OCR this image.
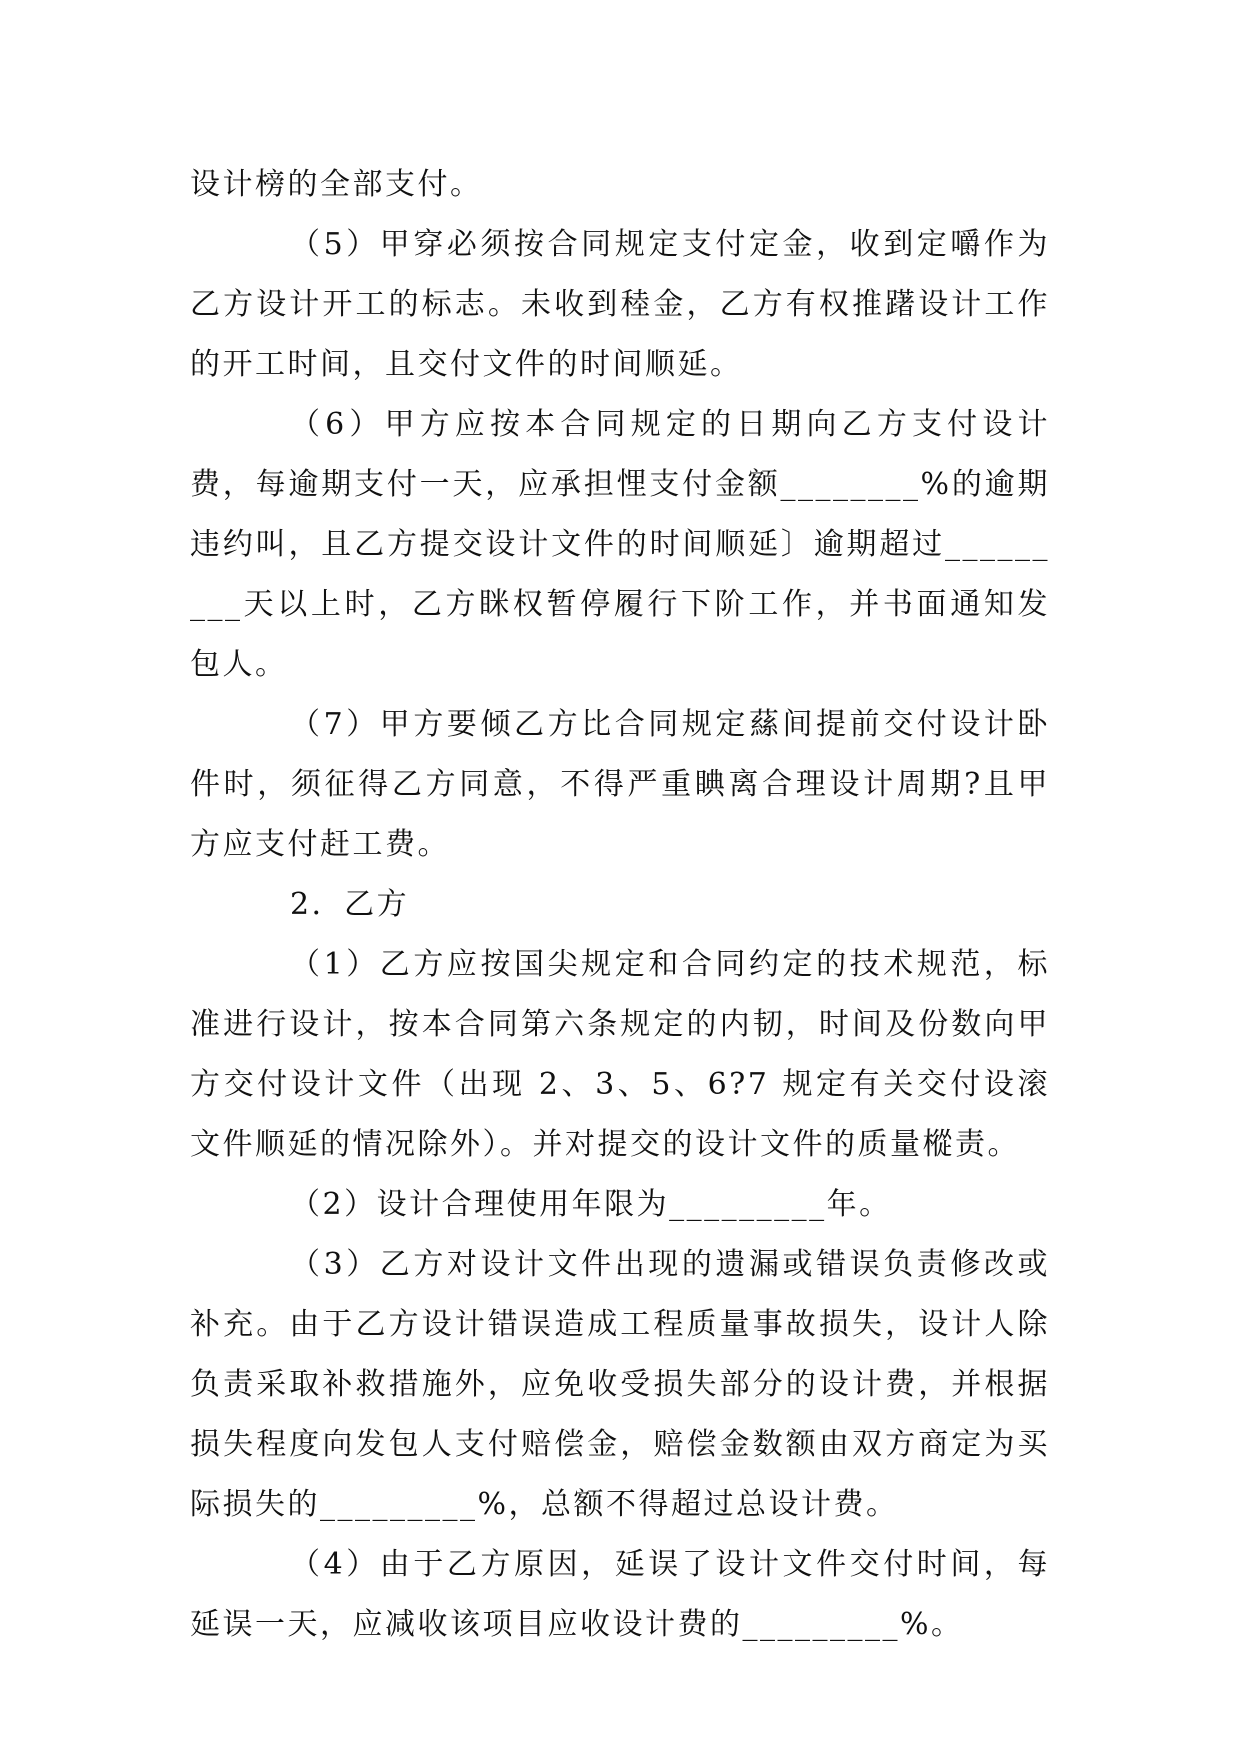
设计榜的全部支付。

（5）甲穿必须按合同规定支付定金，收到定嚼作为乙方设计开工的标志。未收到稑金，乙方有权推躇设计工作的开工时间，且交付文件的时间顺延。

（6）甲方应按本合同规定的日期向乙方支付设计费，每逾期支付一天，应承担悝支付金额________%的逾期违约叫，且乙方提交设计文件的时间顺延〕逾期超过_________天以上时，乙方眯权暂停履行下阶工作，并书面通知发包人。

（7）甲方要倾乙方比合同规定蕬间提前交付设计卧件时，须征得乙方同意，不得严重睓离合理设计周期?且甲方应支付赶工费。

2．乙方

（1）乙方应按国尖规定和合同约定的技术规范，标准进行设计，按本合同第六条规定的内韧，时间及份数向甲方交付设计文件（出现 2、3、5、6?7 规定有关交付设滚文件顺延的情况除外）。并对提交的设计文件的质量樅责。

（2）设计合理使用年限为_________年。

（3）乙方对设计文件出现的遗漏或错误负责修改或补充。由于乙方设计错误造成工程质量事故损失，设计人除负责采取补救措施外，应免收受损失部分的设计费，并根据损失程度向发包人支付赔偿金，赔偿金数额由双方商定为买际损失的_________%，总额不得超过总设计费。

（4）由于乙方原因，延误了设计文件交付时间，每延误一天，应减收该项目应收设计费的_________%。
